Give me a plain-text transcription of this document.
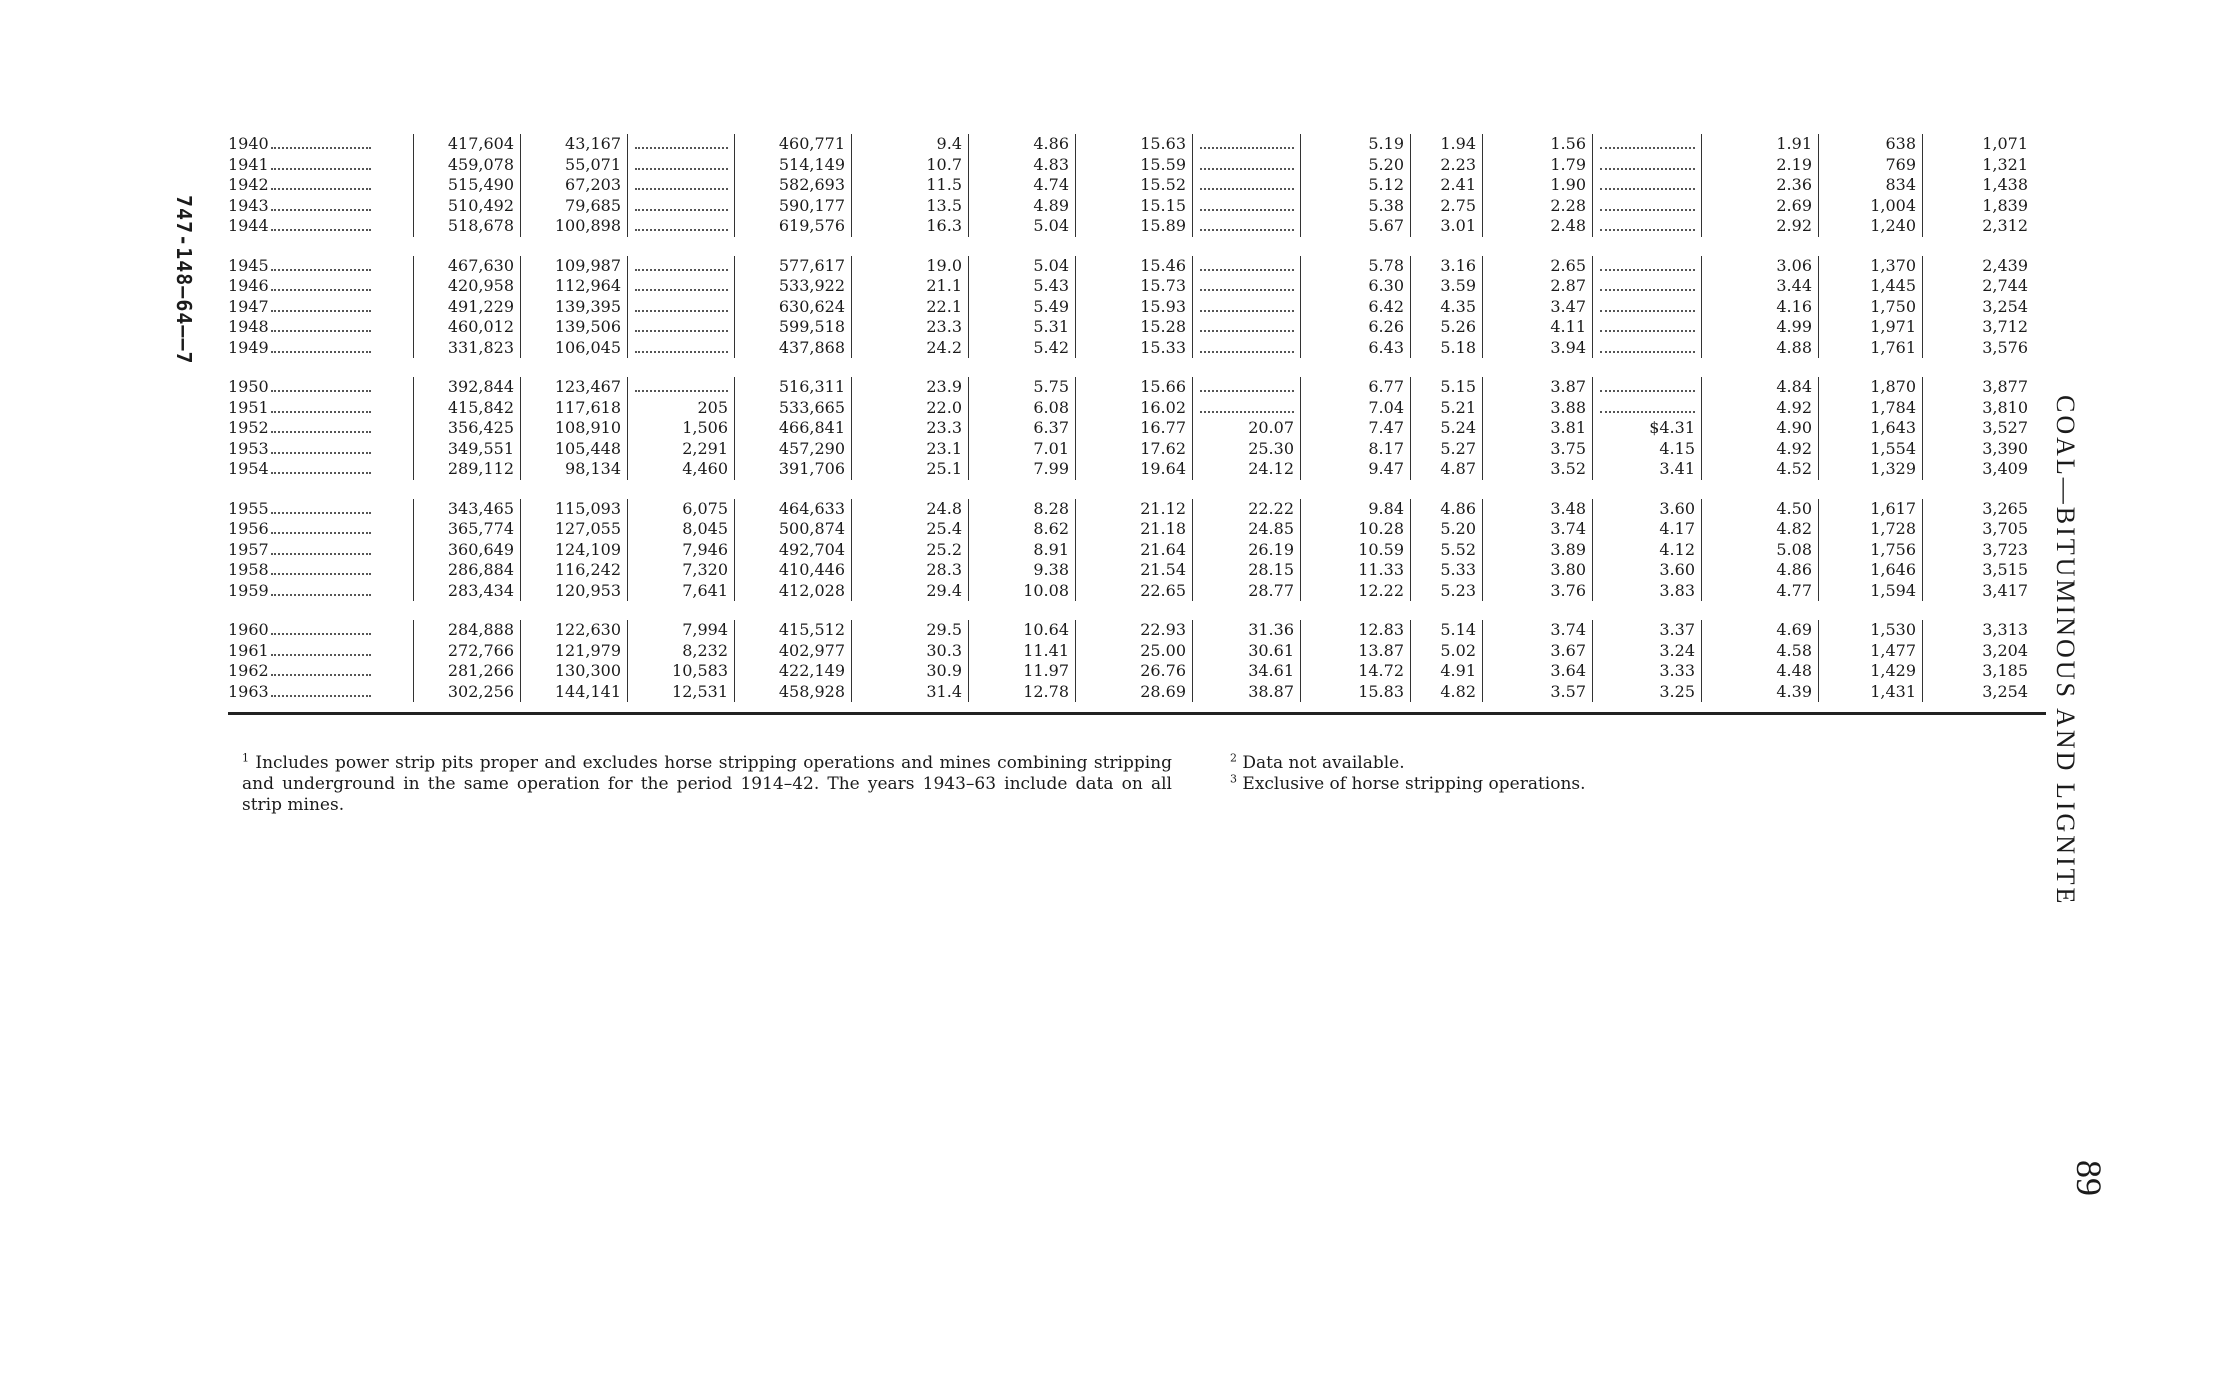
747-148—64——7
COAL—BITUMINOUS AND LIGNITE
89
1940
1941
1942
1943
1944
417,604
459,078
515,490
510,492
518,678
43,167
55,071
67,203
79,685
100,898
460,771
514,149
582,693
590,177
619,576
9.4
10.7
11.5
13.5
16.3
4.86
4.83
4.74
4.89
5.04
15.63
15.59
15.52
15.15
15.89
5.19
5.20
5.12
5.38
5.67
1.94
2.23
2.41
2.75
3.01
1.56
1.79
1.90
2.28
2.48
1.91
2.19
2.36
2.69
2.92
638
769
834
1,004
1,240
1,071
1,321
1,438
1,839
2,312
1945
1946
1947
1948
1949
467,630
420,958
491,229
460,012
331,823
109,987
112,964
139,395
139,506
106,045
577,617
533,922
630,624
599,518
437,868
19.0
21.1
22.1
23.3
24.2
5.04
5.43
5.49
5.31
5.42
15.46
15.73
15.93
15.28
15.33
5.78
6.30
6.42
6.26
6.43
3.16
3.59
4.35
5.26
5.18
2.65
2.87
3.47
4.11
3.94
3.06
3.44
4.16
4.99
4.88
1,370
1,445
1,750
1,971
1,761
2,439
2,744
3,254
3,712
3,576
1950
1951
1952
1953
1954
392,844
415,842
356,425
349,551
289,112
123,467
117,618
108,910
105,448
98,134
205
1,506
2,291
4,460
516,311
533,665
466,841
457,290
391,706
23.9
22.0
23.3
23.1
25.1
5.75
6.08
6.37
7.01
7.99
15.66
16.02
16.77
17.62
19.64
20.07
25.30
24.12
6.77
7.04
7.47
8.17
9.47
5.15
5.21
5.24
5.27
4.87
3.87
3.88
3.81
3.75
3.52
$4.31
4.15
3.41
4.84
4.92
4.90
4.92
4.52
1,870
1,784
1,643
1,554
1,329
3,877
3,810
3,527
3,390
3,409
1955
1956
1957
1958
1959
343,465
365,774
360,649
286,884
283,434
115,093
127,055
124,109
116,242
120,953
6,075
8,045
7,946
7,320
7,641
464,633
500,874
492,704
410,446
412,028
24.8
25.4
25.2
28.3
29.4
8.28
8.62
8.91
9.38
10.08
21.12
21.18
21.64
21.54
22.65
22.22
24.85
26.19
28.15
28.77
9.84
10.28
10.59
11.33
12.22
4.86
5.20
5.52
5.33
5.23
3.48
3.74
3.89
3.80
3.76
3.60
4.17
4.12
3.60
3.83
4.50
4.82
5.08
4.86
4.77
1,617
1,728
1,756
1,646
1,594
3,265
3,705
3,723
3,515
3,417
1960
1961
1962
1963
284,888
272,766
281,266
302,256
122,630
121,979
130,300
144,141
7,994
8,232
10,583
12,531
415,512
402,977
422,149
458,928
29.5
30.3
30.9
31.4
10.64
11.41
11.97
12.78
22.93
25.00
26.76
28.69
31.36
30.61
34.61
38.87
12.83
13.87
14.72
15.83
5.14
5.02
4.91
4.82
3.74
3.67
3.64
3.57
3.37
3.24
3.33
3.25
4.69
4.58
4.48
4.39
1,530
1,477
1,429
1,431
3,313
3,204
3,185
3,254
$^1$ Includes power strip pits proper and excludes horse stripping operations and mines combining stripping and underground in the same operation for the period 1914–42. The years 1943–63 include data on all strip mines.
$^2$ Data not available.
$^3$ Exclusive of horse stripping operations.
